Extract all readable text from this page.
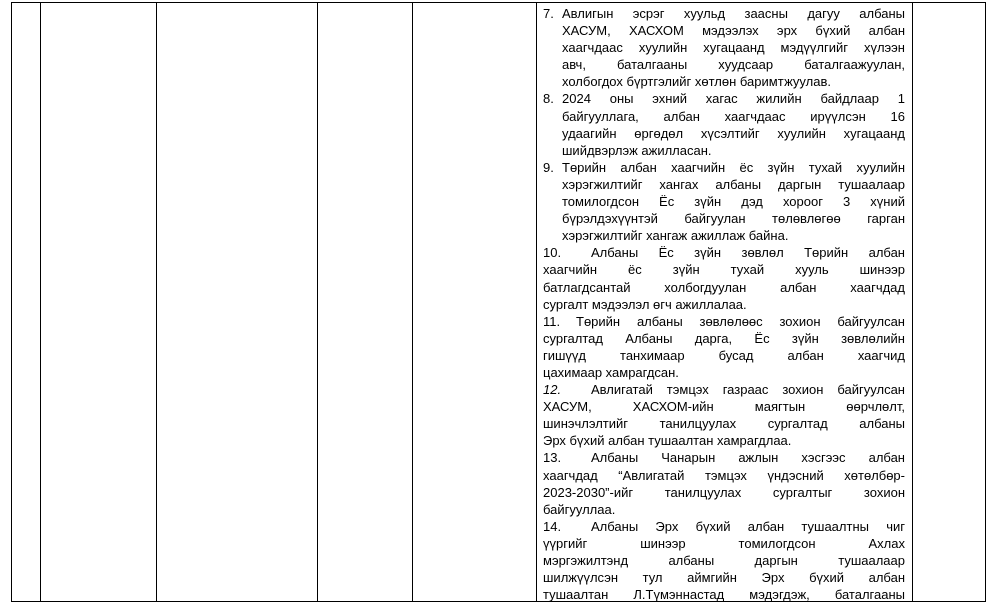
7. Авлигын эсрэг хуульд заасны дагуу албаны
ХАСУМ, ХАСХОМ мэдээлэх эрх бүхий албан
хаагчдаас хуулийн хугацаанд мэдүүлгийг хүлээн
авч, баталгааны хуудсаар баталгаажуулан,
холбогдох бүртгэлийг хөтлөн баримтжуулав.
8. 2024 оны эхний хагас жилийн байдлаар 1
байгууллага, албан хаагчдаас ирүүлсэн 16
удаагийн өргөдөл хүсэлтийг хуулийн хугацаанд
шийдвэрлэж ажилласан.
9. Төрийн албан хаагчийн ёс зүйн тухай хуулийн
хэрэгжилтийг хангах албаны даргын тушаалаар
томилогдсон Ёс зүйн дэд хороог 3 хүний
бүрэлдэхүүнтэй байгуулан төлөвлөгөө гарган
хэрэгжилтийг хангаж ажиллаж байна.
10.	Албаны Ёс зүйн зөвлөл Төрийн албан
хаагчийн ёс зүйн тухай хууль шинээр
батлагдсантай холбогдуулан албан хаагчдад
сургалт мэдээлэл өгч ажиллалаа.
11.	Төрийн албаны зөвлөлөөс зохион байгуулсан
сургалтад Албаны дарга, Ёс зүйн зөвлөлийн
гишүүд танхимаар бусад албан хаагчид
цахимаар хамрагдсан.
12.	Авлигатай тэмцэх газраас зохион байгуулсан
ХАСУМ, ХАСХОМ-ийн маягтын өөрчлөлт,
шинэчлэлтийг танилцуулах сургалтад албаны
Эрх бүхий албан тушаалтан хамрагдлаа.
13.	Албаны Чанарын ажлын хэсгээс албан
хаагчдад “Авлигатай тэмцэх үндэсний хөтөлбөр-
2023-2030”-ийг танилцуулах сургалтыг зохион
байгууллаа.
14.	Албаны Эрх бүхий албан тушаалтны чиг
үүргийг шинээр томилогдсон Ахлах
мэргэжилтэнд албаны даргын тушаалаар
шилжүүлсэн тул аймгийн Эрх бүхий албан
тушаалтан Л.Түмэннастад мэдэгдэж, баталгааны
